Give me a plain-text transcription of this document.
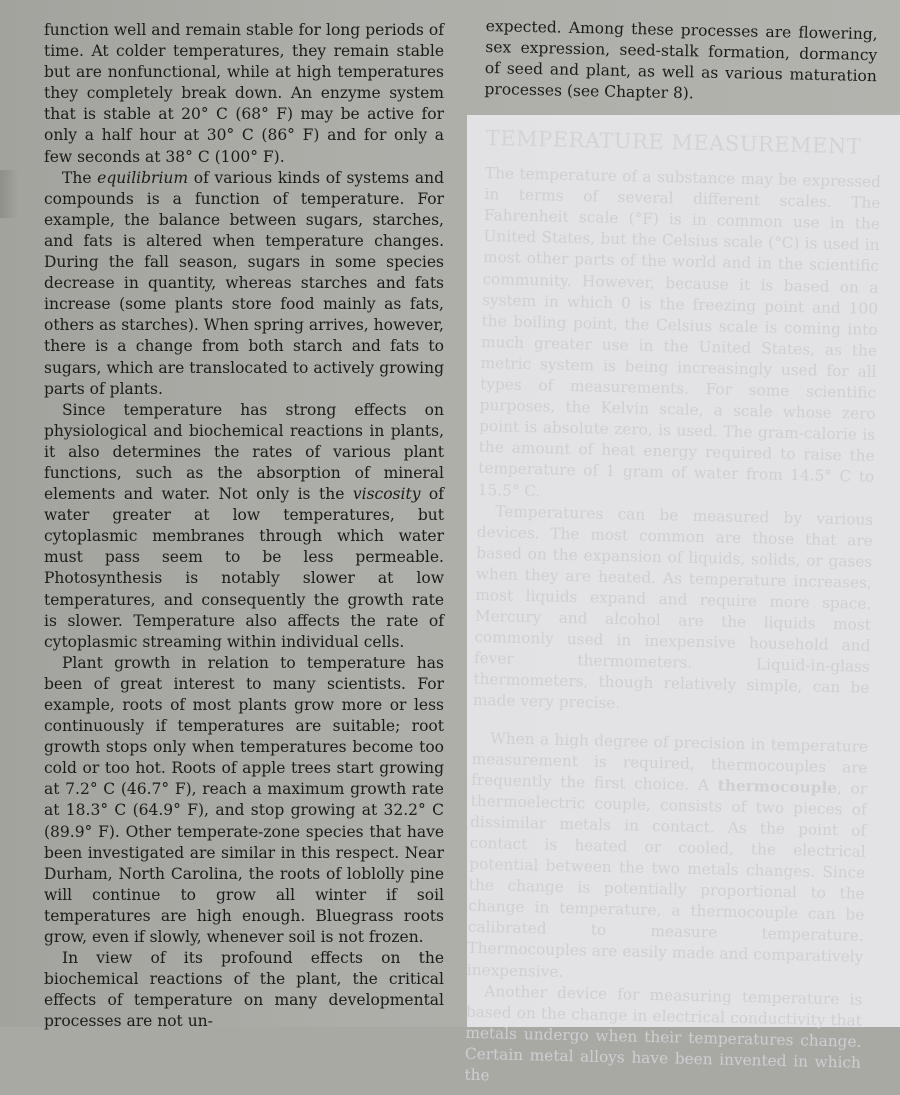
function well and remain stable for long periods of time. At colder temperatures, they remain stable but are nonfunctional, while at high temperatures they completely break down. An enzyme system that is stable at 20° C (68° F) may be active for only a half hour at 30° C (86° F) and for only a few seconds at 38° C (100° F).

The equilibrium of various kinds of systems and compounds is a function of temperature. For example, the balance between sugars, starches, and fats is altered when temperature changes. During the fall season, sugars in some species decrease in quantity, whereas starches and fats increase (some plants store food mainly as fats, others as starches). When spring arrives, however, there is a change from both starch and fats to sugars, which are translocated to actively growing parts of plants.

Since temperature has strong effects on physiological and biochemical reactions in plants, it also determines the rates of various plant functions, such as the absorption of mineral elements and water. Not only is the viscosity of water greater at low temperatures, but cytoplasmic membranes through which water must pass seem to be less permeable. Photosynthesis is notably slower at low temperatures, and consequently the growth rate is slower. Temperature also affects the rate of cytoplasmic streaming within individual cells.

Plant growth in relation to temperature has been of great interest to many scientists. For example, roots of most plants grow more or less continuously if temperatures are suitable; root growth stops only when temperatures become too cold or too hot. Roots of apple trees start growing at 7.2° C (46.7° F), reach a maximum growth rate at 18.3° C (64.9° F), and stop growing at 32.2° C (89.9° F). Other temperate-zone species that have been investigated are similar in this respect. Near Durham, North Carolina, the roots of loblolly pine will continue to grow all winter if soil temperatures are high enough. Bluegrass roots grow, even if slowly, whenever soil is not frozen.

In view of its profound effects on the biochemical reactions of the plant, the critical effects of temperature on many developmental processes are not un-

expected. Among these processes are flowering, sex expression, seed-stalk formation, dormancy of seed and plant, as well as various maturation processes (see Chapter 8).

TEMPERATURE MEASUREMENT

The temperature of a substance may be expressed in terms of several different scales. The Fahrenheit scale (°F) is in common use in the United States, but the Celsius scale (°C) is used in most other parts of the world and in the scientific community. However, because it is based on a system in which 0 is the freezing point and 100 the boiling point, the Celsius scale is coming into much greater use in the United States, as the metric system is being increasingly used for all types of measurements. For some scientific purposes, the Kelvin scale, a scale whose zero point is absolute zero, is used. The gram-calorie is the amount of heat energy required to raise the temperature of 1 gram of water from 14.5° C to 15.5° C.

Temperatures can be measured by various devices. The most common are those that are based on the expansion of liquids, solids, or gases when they are heated. As temperature increases, most liquids expand and require more space. Mercury and alcohol are the liquids most commonly used in inexpensive household and fever thermometers. Liquid-in-glass thermometers, though relatively simple, can be made very precise.

When a high degree of precision in temperature measurement is required, thermocouples are frequently the first choice. A thermocouple, or thermoelectric couple, consists of two pieces of dissimilar metals in contact. As the point of contact is heated or cooled, the electrical potential between the two metals changes. Since the change is potentially proportional to the change in temperature, a thermocouple can be calibrated to measure temperature. Thermocouples are easily made and comparatively inexpensive.

Another device for measuring temperature is based on the change in electrical conductivity that metals undergo when their temperatures change. Certain metal alloys have been invented in which the
